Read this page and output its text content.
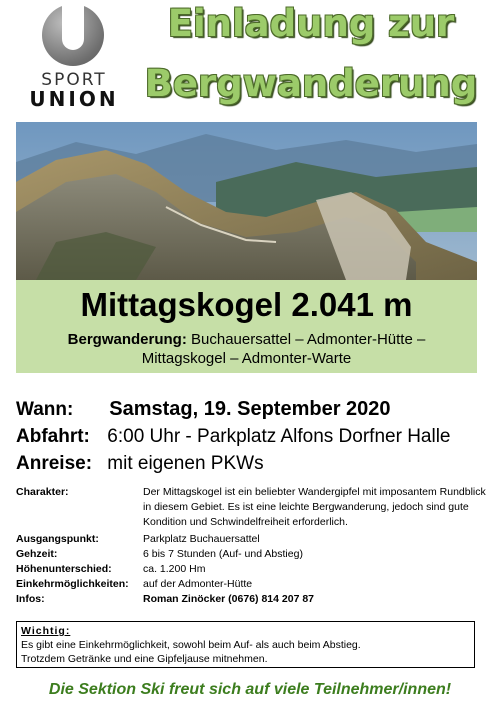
SPORT
UNION
Einladung zur
Bergwanderung
Mittagskogel 2.041 m
Bergwanderung: Buchauersattel – Admonter-Hütte –
Mittagskogel – Admonter-Warte
Wann: Samstag, 19. September 2020
Abfahrt: 6:00 Uhr - Parkplatz Alfons Dorfner Halle
Anreise: mit eigenen PKWs
Charakter:	Der Mittagskogel ist ein beliebter Wandergipfel mit imposantem Rundblick in diesem Gebiet. Es ist eine leichte Bergwanderung, jedoch sind gute Kondition und Schwindelfreiheit erforderlich.
Ausgangspunkt:	Parkplatz Buchauersattel
Gehzeit:	6 bis 7 Stunden (Auf- und Abstieg)
Höhenunterschied:	ca. 1.200 Hm
Einkehrmöglichkeiten:	auf der Admonter-Hütte
Infos:	Roman Zinöcker (0676) 814 207 87
Wichtig:
Es gibt eine Einkehrmöglichkeit, sowohl beim Auf- als auch beim Abstieg.
Trotzdem Getränke und eine Gipfeljause mitnehmen.
Die Sektion Ski freut sich auf viele Teilnehmer/innen!
